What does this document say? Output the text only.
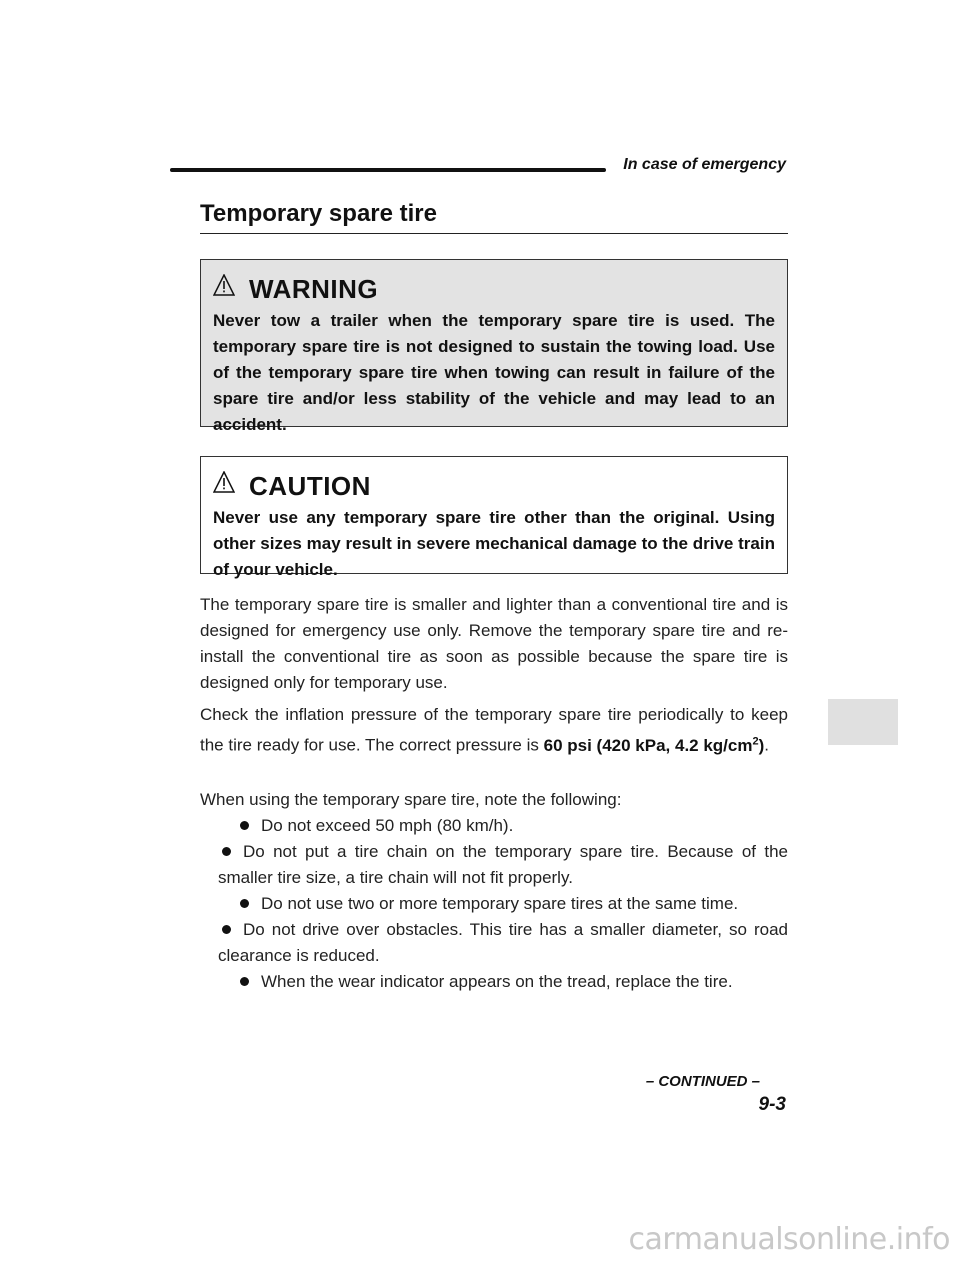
In case of emergency
Temporary spare tire
WARNING

Never tow a trailer when the temporary spare tire is used. The temporary spare tire is not designed to sustain the towing load. Use of the temporary spare tire when towing can result in failure of the spare tire and/or less stability of the vehicle and may lead to an accident.

CAUTION

Never use any temporary spare tire other than the original. Using other sizes may result in severe mechanical damage to the drive train of your vehicle.

The temporary spare tire is smaller and lighter than a conventional tire and is designed for emergency use only. Remove the temporary spare tire and re-install the conventional tire as soon as possible because the spare tire is designed only for temporary use.

Check the inflation pressure of the temporary spare tire periodically to keep the tire ready for use. The correct pressure is 60 psi (420 kPa, 4.2 $kg/cm^2$).

When using the temporary spare tire, note the following:

Do not exceed 50 mph (80 km/h).
Do not put a tire chain on the temporary spare tire. Because of the smaller tire size, a tire chain will not fit properly.
Do not use two or more temporary spare tires at the same time.
Do not drive over obstacles. This tire has a smaller diameter, so road clearance is reduced.
When the wear indicator appears on the tread, replace the tire.
– CONTINUED –
9-3
carmanualsonline.info
